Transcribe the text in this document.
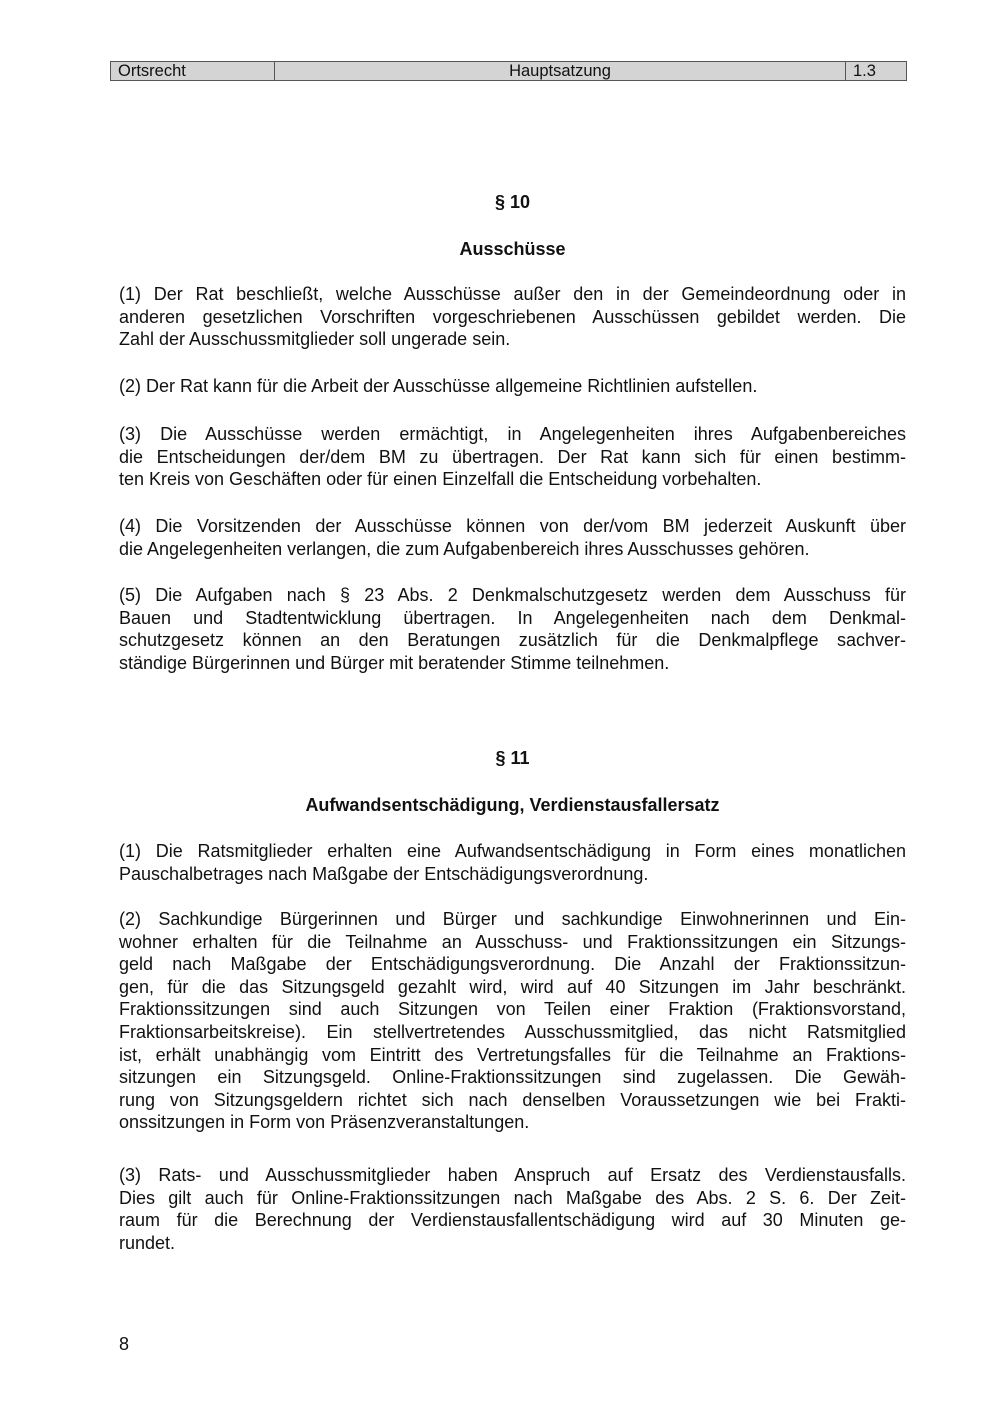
Ortsrecht	Hauptsatzung	1.3
§ 10
Ausschüsse
(1) Der Rat beschließt, welche Ausschüsse außer den in der Gemeindeordnung oder in
anderen gesetzlichen Vorschriften vorgeschriebenen Ausschüssen gebildet werden. Die
Zahl der Ausschussmitglieder soll ungerade sein.
(2) Der Rat kann für die Arbeit der Ausschüsse allgemeine Richtlinien aufstellen.
(3) Die Ausschüsse werden ermächtigt, in Angelegenheiten ihres Aufgabenbereiches
die Entscheidungen der/dem BM zu übertragen. Der Rat kann sich für einen bestimm-
ten Kreis von Geschäften oder für einen Einzelfall die Entscheidung vorbehalten.
(4) Die Vorsitzenden der Ausschüsse können von der/vom BM jederzeit Auskunft über
die Angelegenheiten verlangen, die zum Aufgabenbereich ihres Ausschusses gehören.
(5) Die Aufgaben nach § 23 Abs. 2 Denkmalschutzgesetz werden dem Ausschuss für
Bauen und Stadtentwicklung übertragen. In Angelegenheiten nach dem Denkmal-
schutzgesetz können an den Beratungen zusätzlich für die Denkmalpflege sachver-
ständige Bürgerinnen und Bürger mit beratender Stimme teilnehmen.
§ 11
Aufwandsentschädigung, Verdienstausfallersatz
(1) Die Ratsmitglieder erhalten eine Aufwandsentschädigung in Form eines monatlichen
Pauschalbetrages nach Maßgabe der Entschädigungsverordnung.
(2) Sachkundige Bürgerinnen und Bürger und sachkundige Einwohnerinnen und Ein-
wohner erhalten für die Teilnahme an Ausschuss- und Fraktionssitzungen ein Sitzungs-
geld nach Maßgabe der Entschädigungsverordnung. Die Anzahl der Fraktionssitzun-
gen, für die das Sitzungsgeld gezahlt wird, wird auf 40 Sitzungen im Jahr beschränkt.
Fraktionssitzungen sind auch Sitzungen von Teilen einer Fraktion (Fraktionsvorstand,
Fraktionsarbeitskreise). Ein stellvertretendes Ausschussmitglied, das nicht Ratsmitglied
ist, erhält unabhängig vom Eintritt des Vertretungsfalles für die Teilnahme an Fraktions-
sitzungen ein Sitzungsgeld. Online-Fraktionssitzungen sind zugelassen. Die Gewäh-
rung von Sitzungsgeldern richtet sich nach denselben Voraussetzungen wie bei Frakti-
onssitzungen in Form von Präsenzveranstaltungen.
(3) Rats- und Ausschussmitglieder haben Anspruch auf Ersatz des Verdienstausfalls.
Dies gilt auch für Online-Fraktionssitzungen nach Maßgabe des Abs. 2 S. 6. Der Zeit-
raum für die Berechnung der Verdienstausfallentschädigung wird auf 30 Minuten ge-
rundet.
8
